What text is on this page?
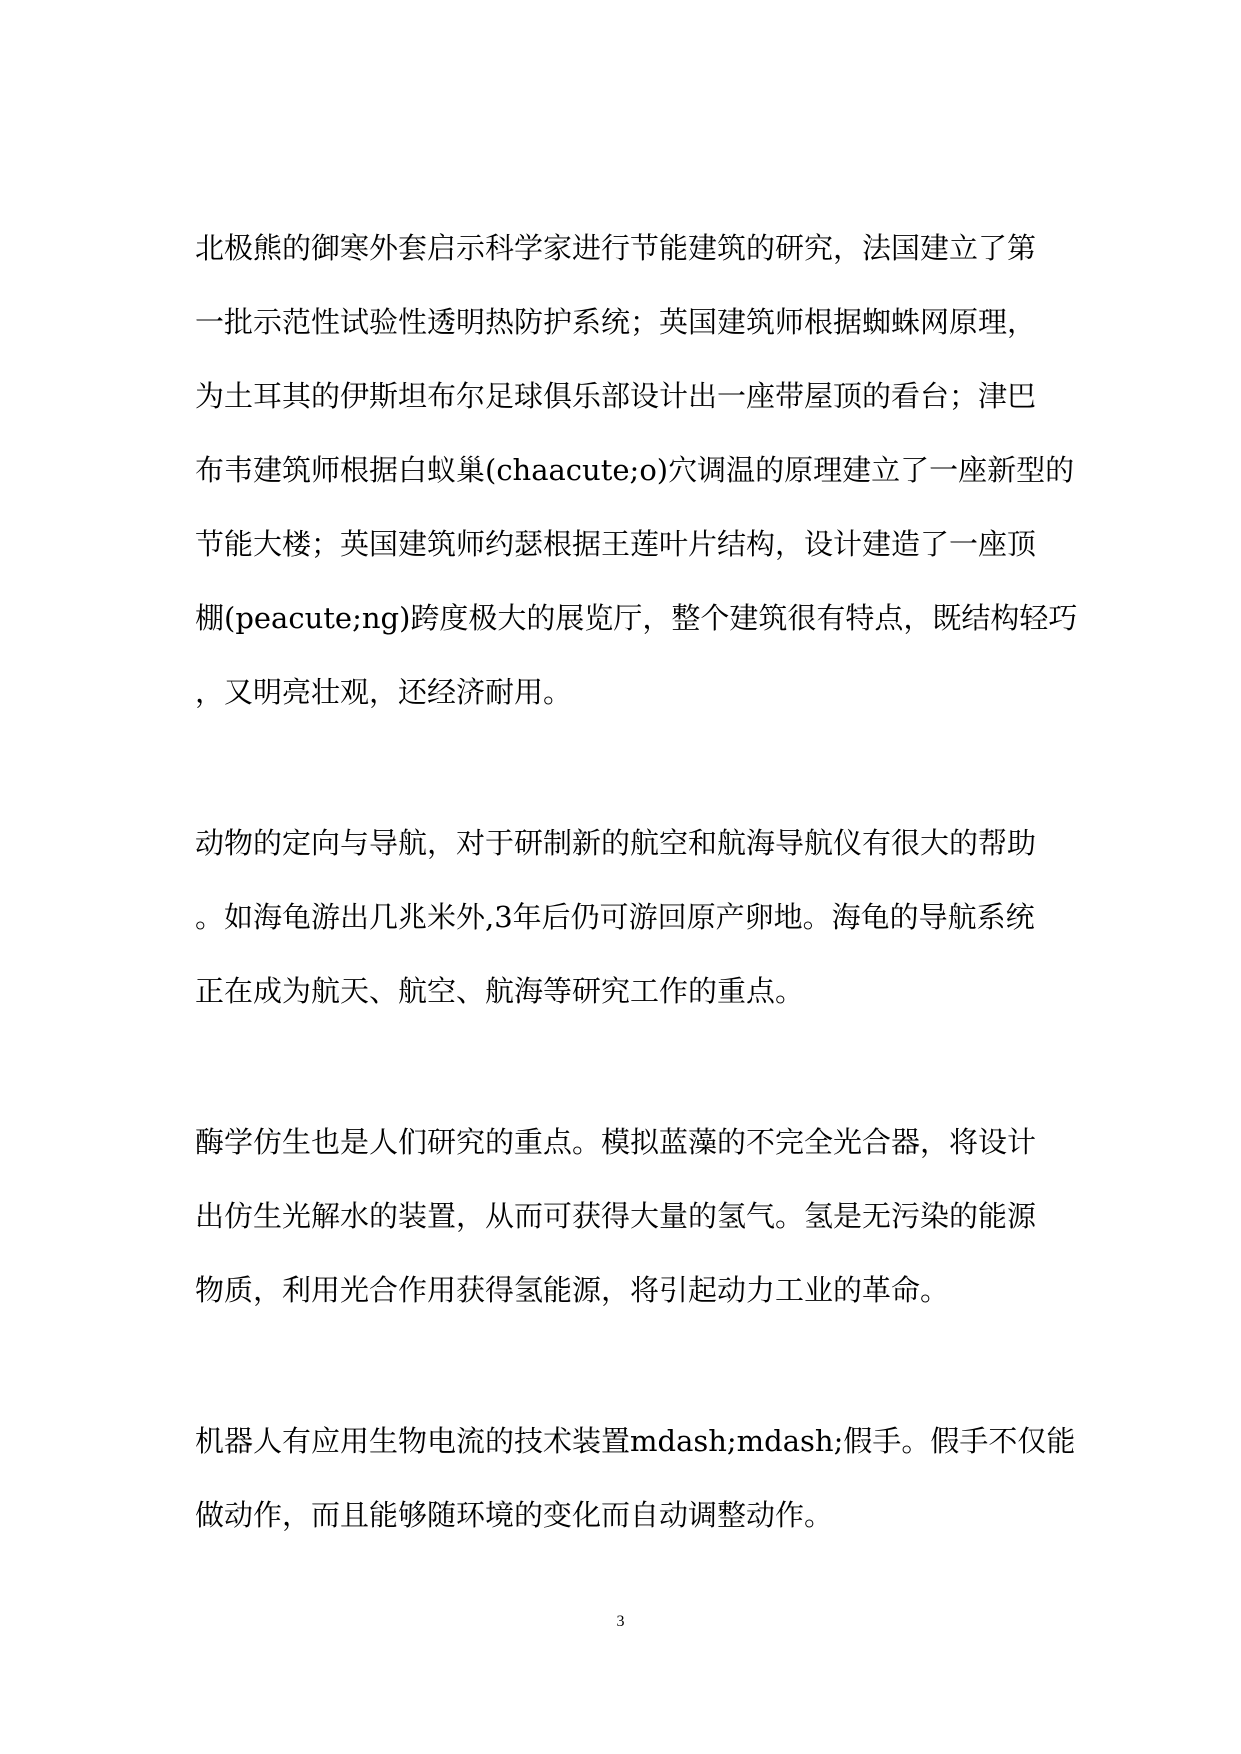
北极熊的御寒外套启示科学家进行节能建筑的研究，法国建立了第
一批示范性试验性透明热防护系统；英国建筑师根据蜘蛛网原理，
为土耳其的伊斯坦布尔足球俱乐部设计出一座带屋顶的看台；津巴
布韦建筑师根据白蚁巢(chaacute;o)穴调温的原理建立了一座新型的
节能大楼；英国建筑师约瑟根据王莲叶片结构，设计建造了一座顶
棚(peacute;ng)跨度极大的展览厅，整个建筑很有特点，既结构轻巧
，又明亮壮观，还经济耐用。
动物的定向与导航，对于研制新的航空和航海导航仪有很大的帮助
。如海龟游出几兆米外,3年后仍可游回原产卵地。海龟的导航系统
正在成为航天、航空、航海等研究工作的重点。
酶学仿生也是人们研究的重点。模拟蓝藻的不完全光合器，将设计
出仿生光解水的装置，从而可获得大量的氢气。氢是无污染的能源
物质，利用光合作用获得氢能源，将引起动力工业的革命。
机器人有应用生物电流的技术装置mdash;mdash;假手。假手不仅能
做动作，而且能够随环境的变化而自动调整动作。
3
